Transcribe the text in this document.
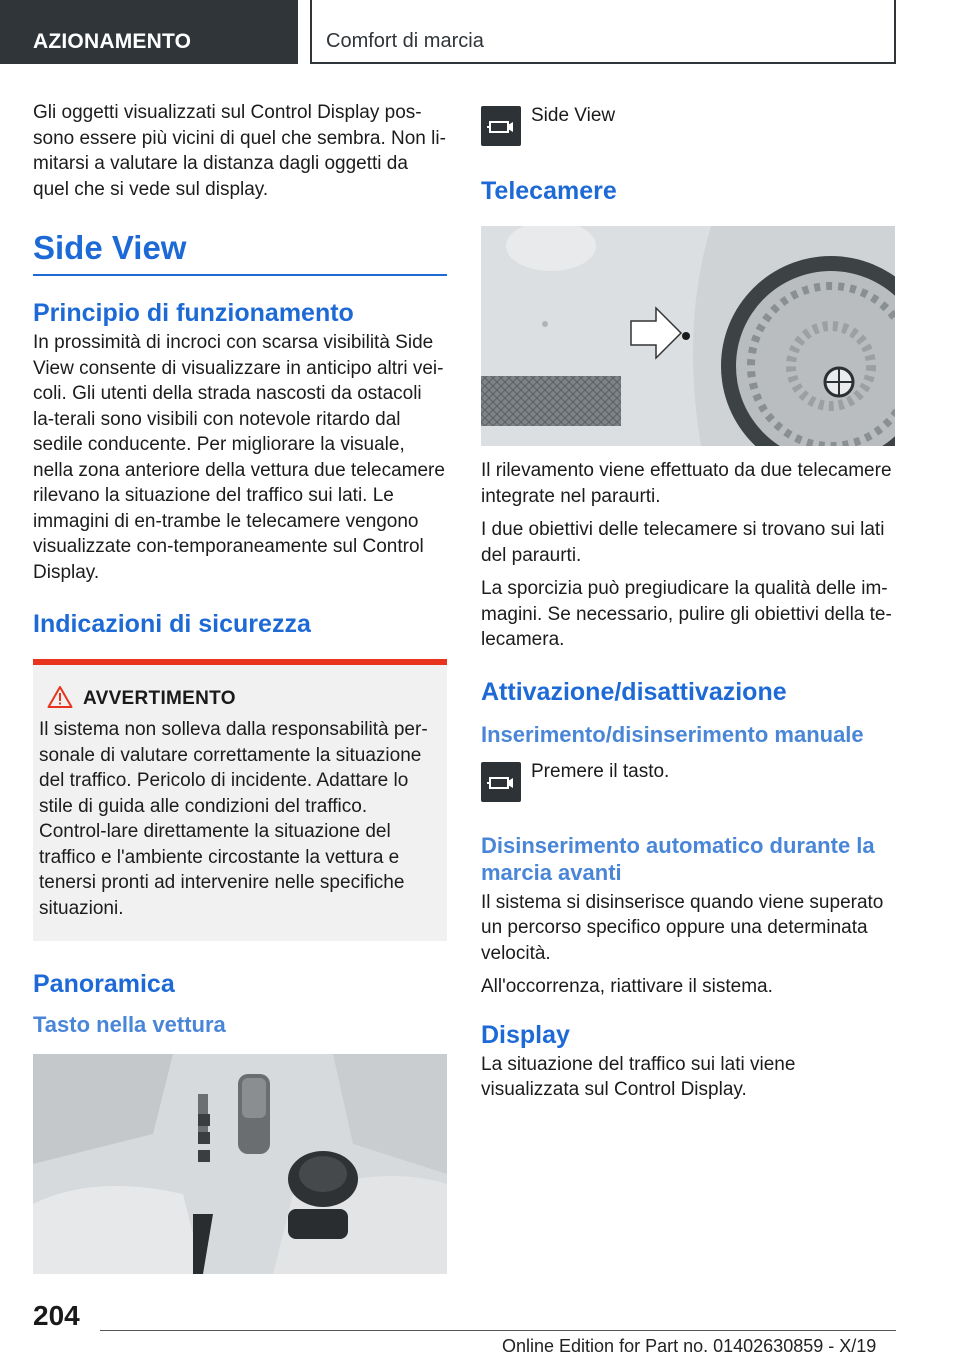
AZIONAMENTO	Comfort di marcia

Gli oggetti visualizzati sul Control Display pos-sono essere più vicini di quel che sembra. Non li-mitarsi a valutare la distanza dagli oggetti da quel che si vede sul display.

Side View
Principio di funzionamento

In prossimità di incroci con scarsa visibilità Side View consente di visualizzare in anticipo altri vei-coli. Gli utenti della strada nascosti da ostacoli la-terali sono visibili con notevole ritardo dal sedile conducente. Per migliorare la visuale, nella zona anteriore della vettura due telecamere rilevano la situazione del traffico sui lati. Le immagini di en-trambe le telecamere vengono visualizzate con-temporaneamente sul Control Display.

Indicazioni di sicurezza
AVVERTIMENTO

Il sistema non solleva dalla responsabilità per-sonale di valutare correttamente la situazione del traffico. Pericolo di incidente. Adattare lo stile di guida alle condizioni del traffico. Control-lare direttamente la situazione del traffico e l'ambiente circostante la vettura e tenersi pronti ad intervenire nelle specifiche situazioni.

Panoramica
Tasto nella vettura
Side View
Telecamere

Il rilevamento viene effettuato da due telecamere integrate nel paraurti.

I due obiettivi delle telecamere si trovano sui lati del paraurti.

La sporcizia può pregiudicare la qualità delle im-magini. Se necessario, pulire gli obiettivi della te-lecamera.

Attivazione/disattivazione
Inserimento/disinserimento manuale
Premere il tasto.
Disinserimento automatico durante la marcia avanti

Il sistema si disinserisce quando viene superato un percorso specifico oppure una determinata velocità.

All'occorrenza, riattivare il sistema.

Display

La situazione del traffico sui lati viene visualizzata sul Control Display.

204
Online Edition for Part no. 01402630859 - X/19
